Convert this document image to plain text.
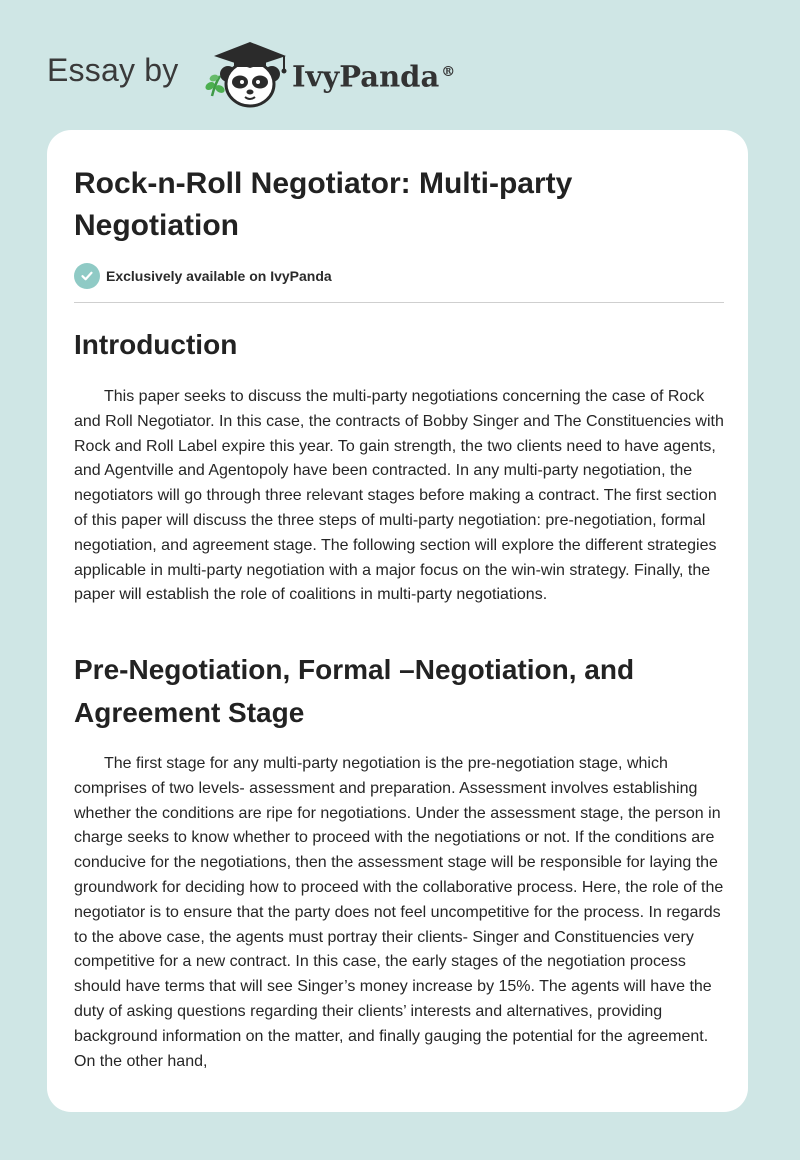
Essay by	IvyPanda ®
Rock-n-Roll Negotiator: Multi-party Negotiation
Exclusively available on IvyPanda
Introduction

This paper seeks to discuss the multi-party negotiations concerning the case of Rock and Roll Negotiator. In this case, the contracts of Bobby Singer and The Constituencies with Rock and Roll Label expire this year. To gain strength, the two clients need to have agents, and Agentville and Agentopoly have been contracted. In any multi-party negotiation, the negotiators will go through three relevant stages before making a contract. The first section of this paper will discuss the three steps of multi-party negotiation: pre-negotiation, formal negotiation, and agreement stage. The following section will explore the different strategies applicable in multi-party negotiation with a major focus on the win-win strategy. Finally, the paper will establish the role of coalitions in multi-party negotiations.

Pre-Negotiation, Formal –Negotiation, and Agreement Stage

The first stage for any multi-party negotiation is the pre-negotiation stage, which comprises of two levels- assessment and preparation. Assessment involves establishing whether the conditions are ripe for negotiations. Under the assessment stage, the person in charge seeks to know whether to proceed with the negotiations or not. If the conditions are conducive for the negotiations, then the assessment stage will be responsible for laying the groundwork for deciding how to proceed with the collaborative process. Here, the role of the negotiator is to ensure that the party does not feel uncompetitive for the process. In regards to the above case, the agents must portray their clients- Singer and Constituencies very competitive for a new contract. In this case, the early stages of the negotiation process should have terms that will see Singer’s money increase by 15%. The agents will have the duty of asking questions regarding their clients’ interests and alternatives, providing background information on the matter, and finally gauging the potential for the agreement. On the other hand,
